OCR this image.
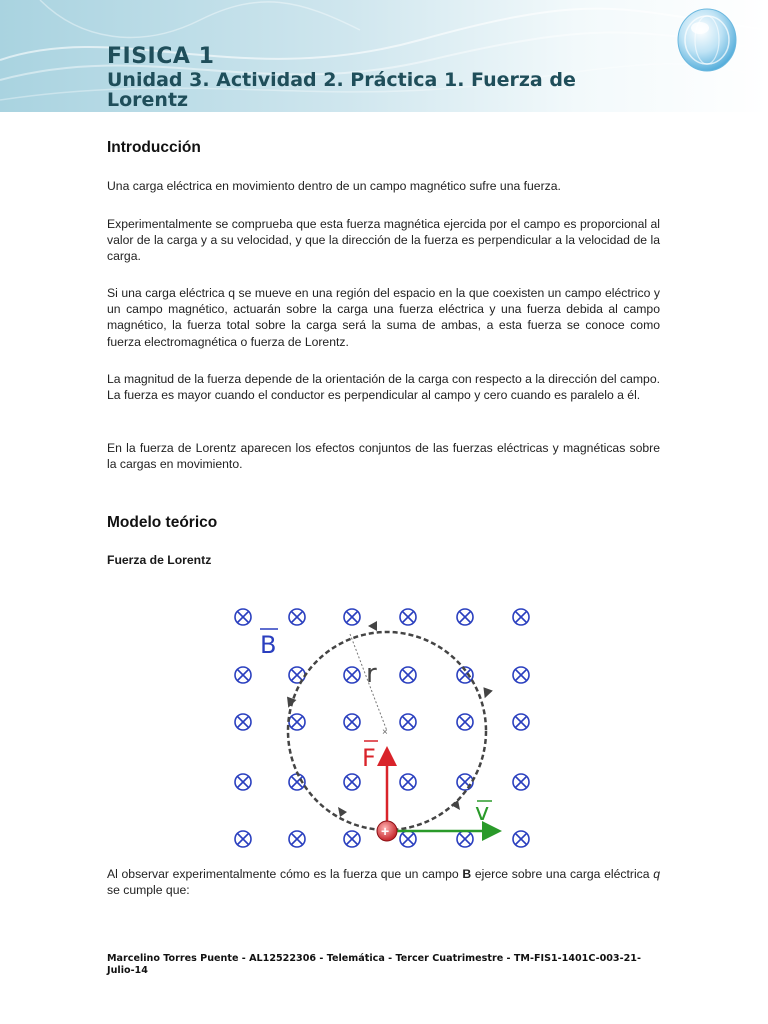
FISICA 1
Unidad 3. Actividad 2. Práctica 1. Fuerza de Lorentz
Introducción

Una carga eléctrica en movimiento dentro de un campo magnético sufre una fuerza.

Experimentalmente se comprueba que esta fuerza magnética ejercida por el campo es proporcional al valor de la carga y a su velocidad, y que la dirección de la fuerza es perpendicular a la velocidad de la carga.

Si una carga eléctrica q se mueve en una región del espacio en la que coexisten un campo eléctrico y un campo magnético, actuarán sobre la carga una fuerza eléctrica y una fuerza debida al campo magnético, la fuerza total sobre la carga será la suma de ambas, a esta fuerza se conoce como fuerza electromagnética o fuerza de Lorentz.

La magnitud de la fuerza depende de la orientación de la carga con respecto a la dirección del campo. La fuerza es mayor cuando el conductor es perpendicular al campo y cero cuando es paralelo a él.

En la fuerza de Lorentz aparecen los efectos conjuntos de las fuerzas eléctricas y magnéticas sobre la cargas en movimiento.

Modelo teórico
Fuerza de Lorentz
×
r
B
F
v
+

Al observar experimentalmente cómo es la fuerza que un campo B ejerce sobre una carga eléctrica q se cumple que:

Marcelino Torres Puente - AL12522306 - Telemática - Tercer Cuatrimestre - TM-FIS1-1401C-003-21-Julio-14
